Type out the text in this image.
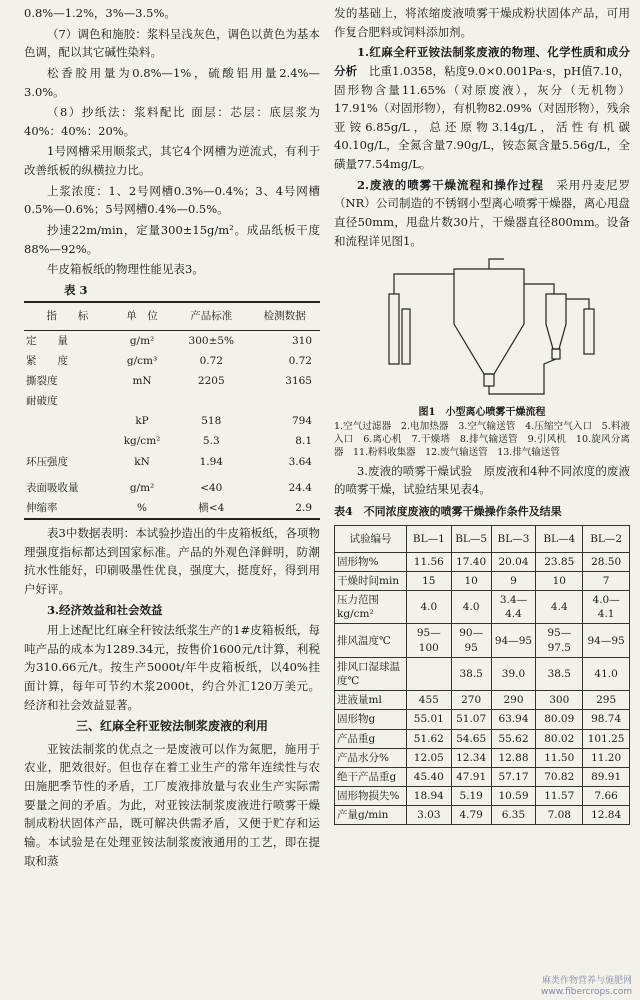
0.8%—1.2%，3%—3.5%。

（7）调色和施胶：浆料呈浅灰色，调色以黄色为基本色调，配以其它碱性染料。

松香胶用量为0.8%—1%，硫酸铝用量2.4%—3.0%。

（8）抄纸法：浆料配比 面层：芯层：底层浆为40%：40%：20%。

1号网槽采用顺浆式，其它4个网槽为逆流式，有利于改善纸板的纵横拉力比。

上浆浓度：1、2号网槽0.3%—0.4%；3、4号网槽0.5%—0.6%；5号网槽0.4%—0.5%。

抄速22m/min，定量300±15g/m²。成品纸板干度88%—92%。

牛皮箱板纸的物理性能见表3。

表 3

指　　标	单　位	产品标准	检测数据
定　　量	g/m²	300±5%	310
紧　　度	g/cm³	0.72	0.72
撕裂度	mN	2205	3165
耐破度			
	kP	518	794
	kg/cm²	5.3	8.1
环压强度	kN	1.94	3.64

表面吸收量	g/m²	<40	24.4
伸缩率	%	横<4	2.9

表3中数据表明：本试验抄造出的牛皮箱板纸，各项物理强度指标都达到国家标准。产品的外观色泽鲜明，防潮抗水性能好，印刷吸墨性优良，强度大，挺度好，得到用户好评。

3.经济效益和社会效益

用上述配比红麻全秆铵法纸浆生产的1#皮箱板纸，每吨产品的成本为1289.34元，按售价1600元/t计算，利税为310.66元/t。按生产5000t/年牛皮箱板纸，以40%挂面计算，每年可节约木浆2000t，约合外汇120万美元。经济和社会效益显著。

三、红麻全秆亚铵法制浆废液的利用

亚铵法制浆的优点之一是废液可以作为氮肥，施用于农业，肥效很好。但也存在着工业生产的常年连续性与农田施肥季节性的矛盾，工厂废液排放量与农业生产实际需要量之间的矛盾。为此，对亚铵法制浆废液进行喷雾干燥制成粉状固体产品，既可解决供需矛盾，又便于贮存和运输。本试验是在处理亚铵法制浆废液通用的工艺，即在提取和蒸

发的基础上，将浓缩废液喷雾干燥成粉状固体产品，可用作复合肥料或饲料添加剂。

1.红麻全秆亚铵法制浆废液的物理、化学性质和成分分析　 比重1.0358，粘度9.0×0.001Pa·s，pH值7.10，固形物含量11.65%（对原废液），灰分（无机物）17.91%（对固形物），有机物82.09%（对固形物），残余亚铵6.85g/L，总还原物3.14g/L，活性有机碳40.10g/L，全氮含量7.90g/L，铵态氮含量5.56g/L，全磺量77.54mg/L。

2.废液的喷雾干燥流程和操作过程　 采用丹麦尼罗（NR）公司制造的不锈钢小型离心喷雾干燥器，离心甩盘直径50mm，甩盘片数30片，干燥器直径800mm。设备和流程详见图1。

图1　小型离心喷雾干燥流程

1.空气过滤器　2.电加热器　3.空气输送管　4.压缩空气入口　5.料液入口　6.离心机　7.干燥塔　8.排气输送管　9.引风机　10.旋风分离器　11.粉料收集器　12.废气输送管　13.排气输送管

3.废液的喷雾干燥试验　原废液和4种不同浓度的废液的喷雾干燥，试验结果见表4。

表4　不同浓度废液的喷雾干燥操作条件及结果

试验编号	BL—1	BL—5	BL—3	BL—4	BL—2
固形物%	11.56	17.40	20.04	23.85	28.50
干燥时间min	15	10	9	10	7
压力范围kg/cm²	4.0	4.0	3.4—4.4	4.4	4.0—4.1
排风温度℃	95—100	90—95	94—95	95—97.5	94—95
排风口湿球温度℃		38.5	39.0	38.5	41.0
进液量ml	455	270	290	300	295
固形物g	55.01	51.07	63.94	80.09	98.74
产品重g	51.62	54.65	55.62	80.02	101.25
产品水分%	12.05	12.34	12.88	11.50	11.20
绝干产品重g	45.40	47.91	57.17	70.82	89.91
固形物损失%	18.94	5.19	10.59	11.57	7.66
产量g/min	3.03	4.79	6.35	7.08	12.84
麻类作物营养与施肥网
www.fibercrops.com
